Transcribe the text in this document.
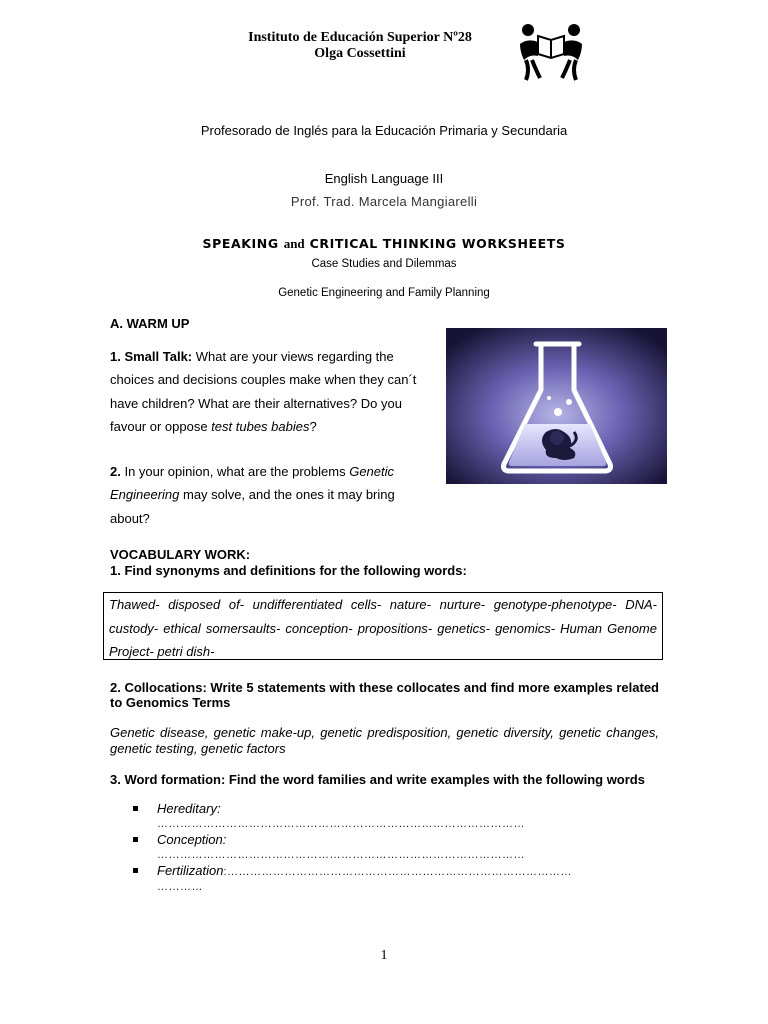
Instituto de Educación Superior Nº28
Olga Cossettini
Profesorado de Inglés para la Educación Primaria y Secundaria
English Language III
Prof. Trad. Marcela Mangiarelli
SPEAKING and CRITICAL THINKING WORKSHEETS
Case Studies and Dilemmas
Genetic Engineering and Family Planning
A. WARM UP
1. Small Talk: What are your views regarding the choices and decisions couples make when they can´t have children? What are their alternatives? Do you favour or oppose test tubes babies?
2. In your opinion, what are the problems Genetic Engineering may solve, and the ones it may bring about?
VOCABULARY WORK:
1. Find synonyms and definitions for the following words:
Thawed- disposed of- undifferentiated cells- nature- nurture- genotype-phenotype- DNA- custody- ethical somersaults- conception- propositions- genetics- genomics- Human Genome Project- petri dish-
2. Collocations: Write 5 statements with these collocates and find more examples related to Genomics Terms
Genetic disease, genetic make-up, genetic predisposition, genetic diversity, genetic changes, genetic testing, genetic factors
3. Word formation: Find the word families and write examples with the following words
Hereditary:
……………………………………………………………………………………
Conception:
……………………………………………………………………………………
Fertilization:………………………………………………………………………………
…………
1
